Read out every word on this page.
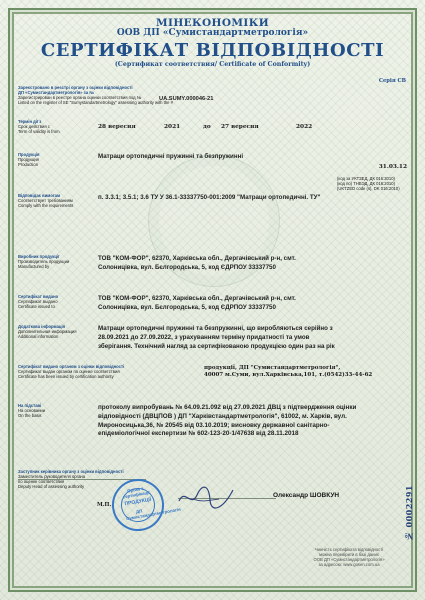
МІНЕКОНОМІКИ
ООВ ДП «Сумистандартметрологія»
СЕРТИФІКАТ ВІДПОВІДНОСТІ
(Сертификат соответствия/ Certificate of Conformity)
Серія СВ
Зареєстровано в реєстрі органу з оцінки відповідності
ДП «Сумистандартметрологія» за №
Зарегистрирован в реестре органа оценки соответствия под №
Listed on the register of SE "Sumystandartmetrology" assessing authority with the #
UA.SUMY.000046-21
Термін дії з
Срок действия с
Term of validity is from
28 вересня	2021	до 27 вересня	2022
Продукція
Продукция
Production
Матраци ортопедичні пружинні та безпружинні
31.03.12
(код за УКТЗЕД, ДК 016:2010)
(код по) ТНВЭД, ДК 016:2010)
(UKTZED code (s), DK 016:2010)
Відповідає вимогам
Соответствует требованиям
Comply with the requirements
п. 3.3.1; 3.5.1; 3.6 ТУ У 36.1-33337750-001:2009 "Матраци ортопедичні. ТУ"
Виробник продукції
Производитель продукции
Manufactured by
ТОВ "КОМ-ФОР", 62370, Харківська обл., Дергачівський р-н, смт.
Солоницівка, вул. Бєлгородська, 5, код ЄДРПОУ 33337750
Сертифікат видано
Сертификат выдано
Certificate issued to
ТОВ "КОМ-ФОР", 62370, Харківська обл., Дергачівський р-н, смт.
Солоницівка, вул. Бєлгородська, 5, код ЄДРПОУ 33337750
Додаткова інформація
Дополнительная информация
Additional information
Матраци ортопедичні пружинні та безпружинні, що виробляються серійно з
28.09.2021 до 27.09.2022, з урахуванням терміну придатності та умов
зберігання. Технічний нагляд за сертифікованою продукцією один раз на рік
Сертифікат видано органом з оцінки відповідності
Сертификат выдан органом по оценке соответствия
Certificate has been issued by certification authority
продукції, ДП "Сумистандартметрологія",
40007 м.Суми, вул.Харківська,101, т.(0542)33-44-62
На підставі
На основании
On the basis
протоколу випробувань № 64.09.21.092 від 27.09.2021 ДВЦ з підтвердження оцінки
відповідності (ДВЦПОВ ) ДП "Харківстандартметрологія", 61002, м. Харків, вул.
Мироносицька,36, № 20545 від 03.10.2019; висновку державної санітарно-
епідеміологічної експертизи № 602-123-20-1/47638 від 28.11.2018
Заступник керівника органу з оцінки відповідності
Заместитель руководителя органа
по оценке соответствия
Deputy Head of assessing authority
Олександр ШОВКУН
Орган з сертифікації
ПРОДУКЦІЇ
ДП Сумистандартметрологія
М.П.
Чинність сертифіката відповідності
можна перевірити в базі даних
ООВ ДП «Сумистандартметрологія»
за адресою: www.gosen.com.ua
№ 0002291
